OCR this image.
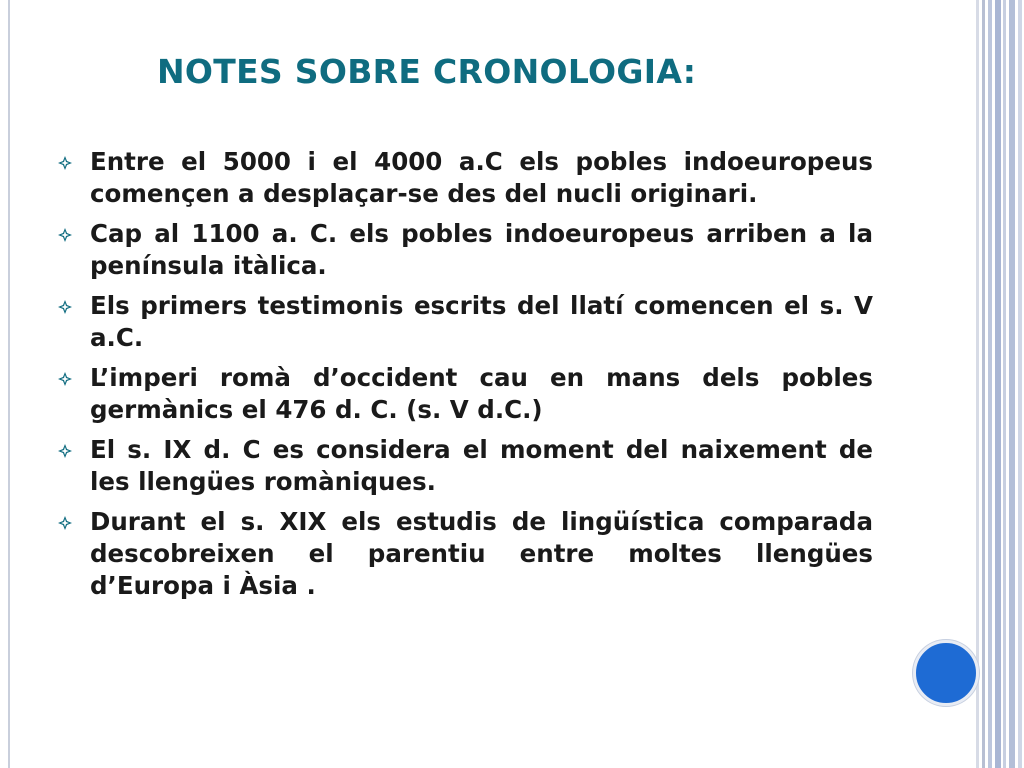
NOTES SOBRE CRONOLOGIA:
Entre el 5000 i el 4000 a.C els pobles indoeuropeus començen a desplaçar-se des del nucli originari.
Cap al 1100 a. C. els pobles indoeuropeus arriben a la península itàlica.
Els primers testimonis escrits del llatí comencen el s. V a.C.
L’imperi romà d’occident cau en mans dels pobles germànics el 476 d. C. (s. V d.C.)
El s. IX d. C es considera el moment del naixement de les llengües romàniques.
Durant el s. XIX els estudis de lingüística comparada descobreixen el parentiu entre moltes llengües d’Europa i Àsia .
